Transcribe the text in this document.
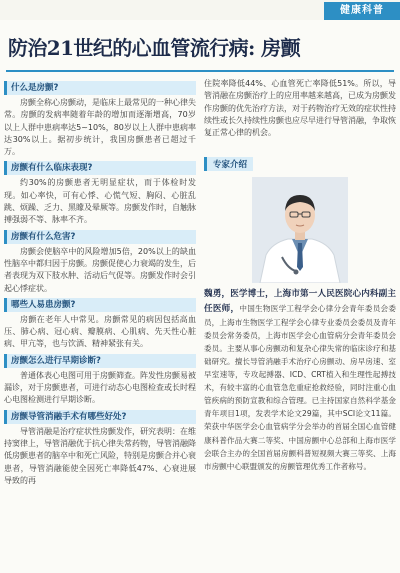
健康科普
防治21世纪的心血管流行病: 房颤
什么是房颤?

房颤全称心房颤动，是临床上最常见的一种心律失常。房颤的发病率随着年龄的增加而逐渐增高，70岁以上人群中患病率达5~10%，80岁以上人群中患病率达30%以上。据初步统计，我国房颤患者已超过千万。

房颤有什么临床表现?

约30%的房颤患者无明显症状，而于体检时发现。如心率快，可有心悸、心慌气短、胸闷、心脏乱跳、烦躁、乏力、黑矇及晕厥等。房颤发作时，自触脉搏强弱不等、脉率不齐。

房颤有什么危害?

房颤会使脑卒中的风险增加5倍，20%以上的缺血性脑卒中都归因于房颤。房颤促使心力衰竭的发生，后者表现为双下肢水肿、活动后气促等。房颤发作时会引起心悸症状。

哪些人易患房颤?

房颤在老年人中常见。房颤常见的病因包括高血压、肺心病、冠心病、瓣膜病、心肌病、先天性心脏病、甲亢等，也与饮酒、精神紧张有关。

房颤怎么进行早期诊断?

普通体表心电图可用于房颤筛查。阵发性房颤易被漏诊，对于房颤患者，可进行动态心电图检查或长时程心电图检测进行早期诊断。

房颤导管消融手术有哪些好处?

导管消融是治疗症状性房颤发作，研究表明：在维持窦律上，导管消融优于抗心律失常药物，导管消融降低房颤患者的脑卒中和死亡风险，特别是房颤合并心衰患者，导管消融能使全因死亡率降低47%、心衰进展导致的再

住院率降低44%、心血管死亡率降低51%。所以，导管消融在房颤治疗上的应用率越来越高，已成为房颤发作房颤的优先治疗方法，对于药物治疗无效的症状性持续性或长久持续性房颤也应尽早进行导管消融，争取恢复正常心律的机会。

专家介绍

魏勇，医学博士，上海市第一人民医院心内科副主任医师，中国生物医学工程学会心律分会青年委员会委员，上海市生物医学工程学会心律专业委员会委员及青年委员会常务委员，上海市医学会心血管病分会青年委员会委员。主要从事心房颤动和复杂心律失常的临床诊疗和基础研究。擅长导管消融手术治疗心房颤动、房早房速、室早室速等，专攻起搏器、ICD、CRT植入和生理性起搏技术，有较丰富的心血管急危重症抢救经验，同时注重心血管疾病的预防宣教和综合管理。已主持国家自然科学基金青年项目1项，发表学术论文29篇，其中SCI论文11篇。荣获中华医学会心血管病学分会举办的首届全国心血管健康科普作品大赛二等奖、中国房颤中心总部和上海市医学会联合主办的全国首届房颤科普短视频大赛三等奖、上海市房颤中心联盟颁发的房颤管理优秀工作者称号。
